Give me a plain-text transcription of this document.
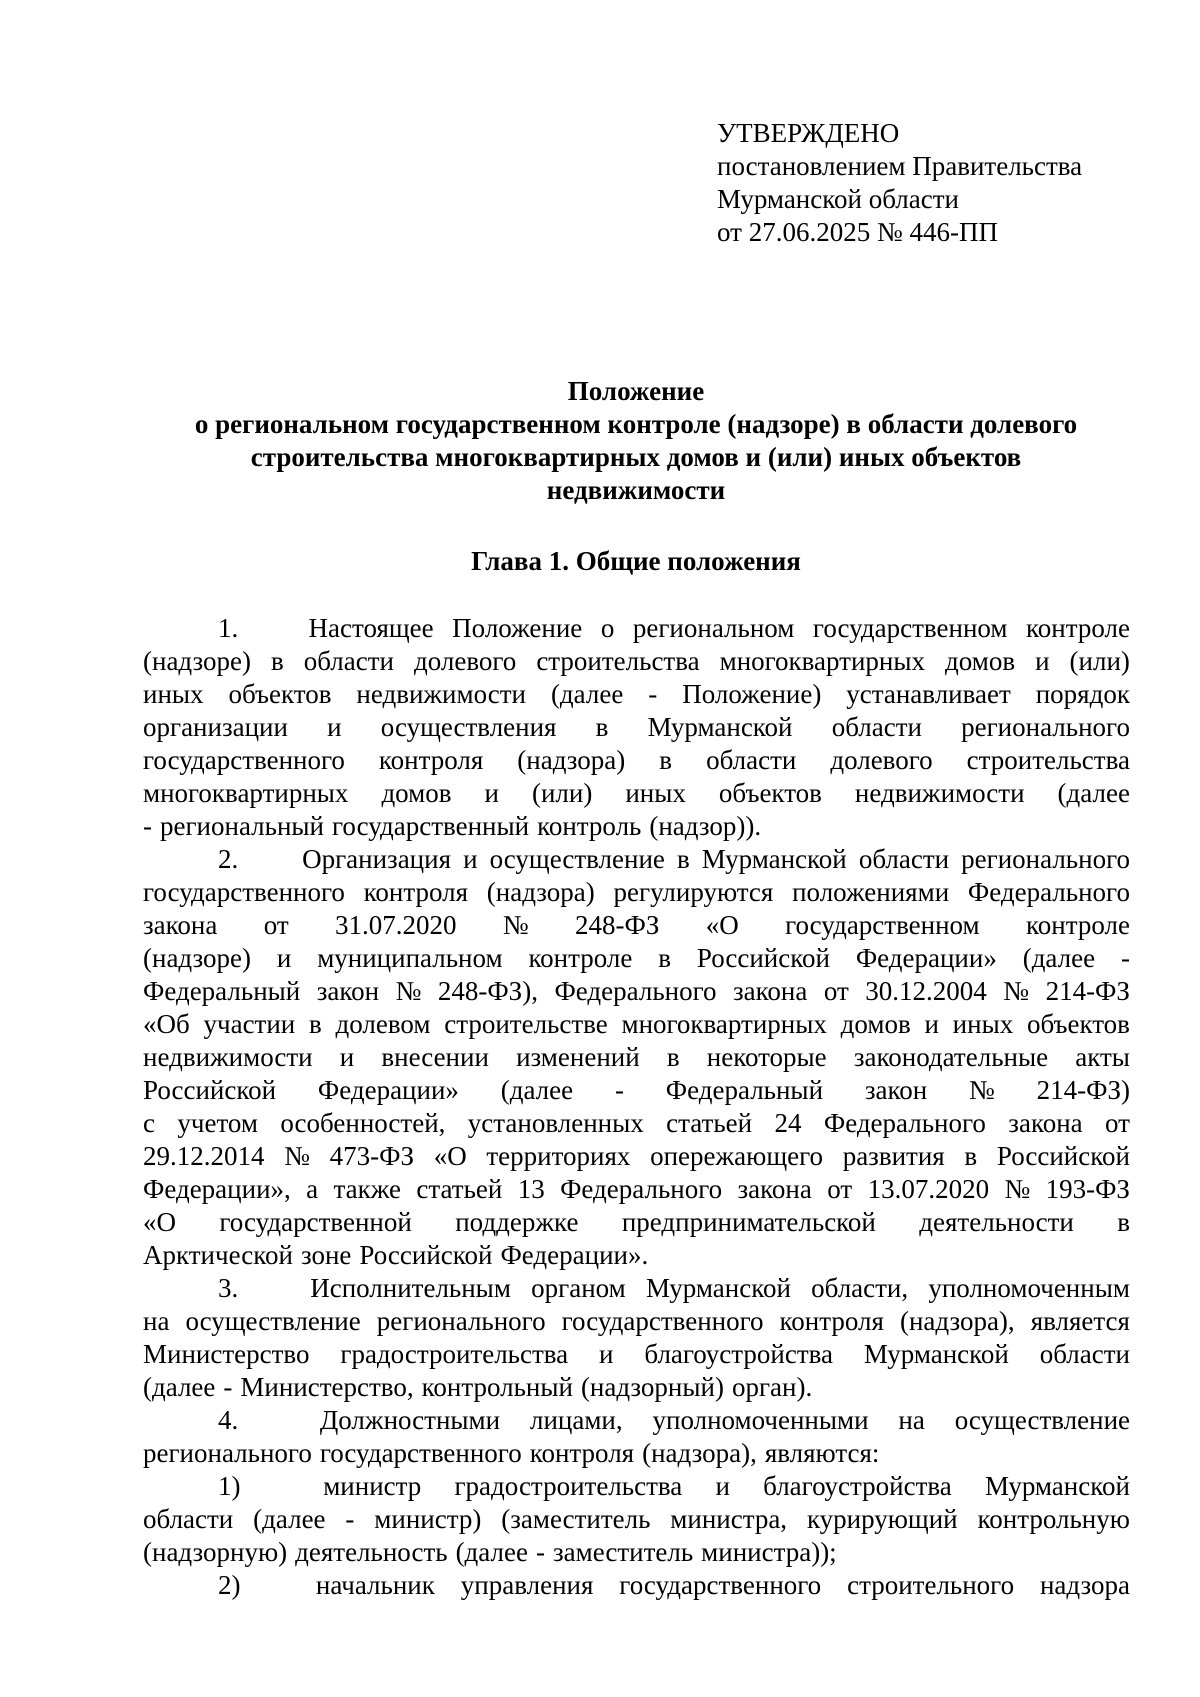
УТВЕРЖДЕНО
постановлением Правительства
Мурманской области
от 27.06.2025 № 446-ПП
Положение
о региональном государственном контроле (надзоре) в области долевого
строительства многоквартирных домов и (или) иных объектов
недвижимости
Глава 1. Общие положения
1.	Настоящее Положение о региональном государственном контроле
(надзоре) в области долевого строительства многоквартирных домов и (или)
иных объектов недвижимости (далее - Положение) устанавливает порядок
организации и осуществления в Мурманской области регионального
государственного контроля (надзора) в области долевого строительства
многоквартирных домов и (или) иных объектов недвижимости (далее
- региональный государственный контроль (надзор)).
2.	Организация и осуществление в Мурманской области регионального
государственного контроля (надзора) регулируются положениями Федерального
закона от 31.07.2020 № 248-ФЗ «О государственном контроле
(надзоре) и муниципальном контроле в Российской Федерации» (далее -
Федеральный закон № 248-ФЗ), Федерального закона от 30.12.2004 № 214-ФЗ
«Об участии в долевом строительстве многоквартирных домов и иных объектов
недвижимости и внесении изменений в некоторые законодательные акты
Российской Федерации» (далее - Федеральный закон № 214-ФЗ)
с учетом особенностей, установленных статьей 24 Федерального закона от
29.12.2014 № 473-ФЗ «О территориях опережающего развития в Российской
Федерации», а также статьей 13 Федерального закона от 13.07.2020 № 193-ФЗ
«О государственной поддержке предпринимательской деятельности в
Арктической зоне Российской Федерации».
3.	Исполнительным органом Мурманской области, уполномоченным
на осуществление регионального государственного контроля (надзора), является
Министерство градостроительства и благоустройства Мурманской области
(далее - Министерство, контрольный (надзорный) орган).
4.	Должностными лицами, уполномоченными на осуществление
регионального государственного контроля (надзора), являются:
1)	министр градостроительства и благоустройства Мурманской
области (далее - министр) (заместитель министра, курирующий контрольную
(надзорную) деятельность (далее - заместитель министра));
2)	начальник управления государственного строительного надзора
